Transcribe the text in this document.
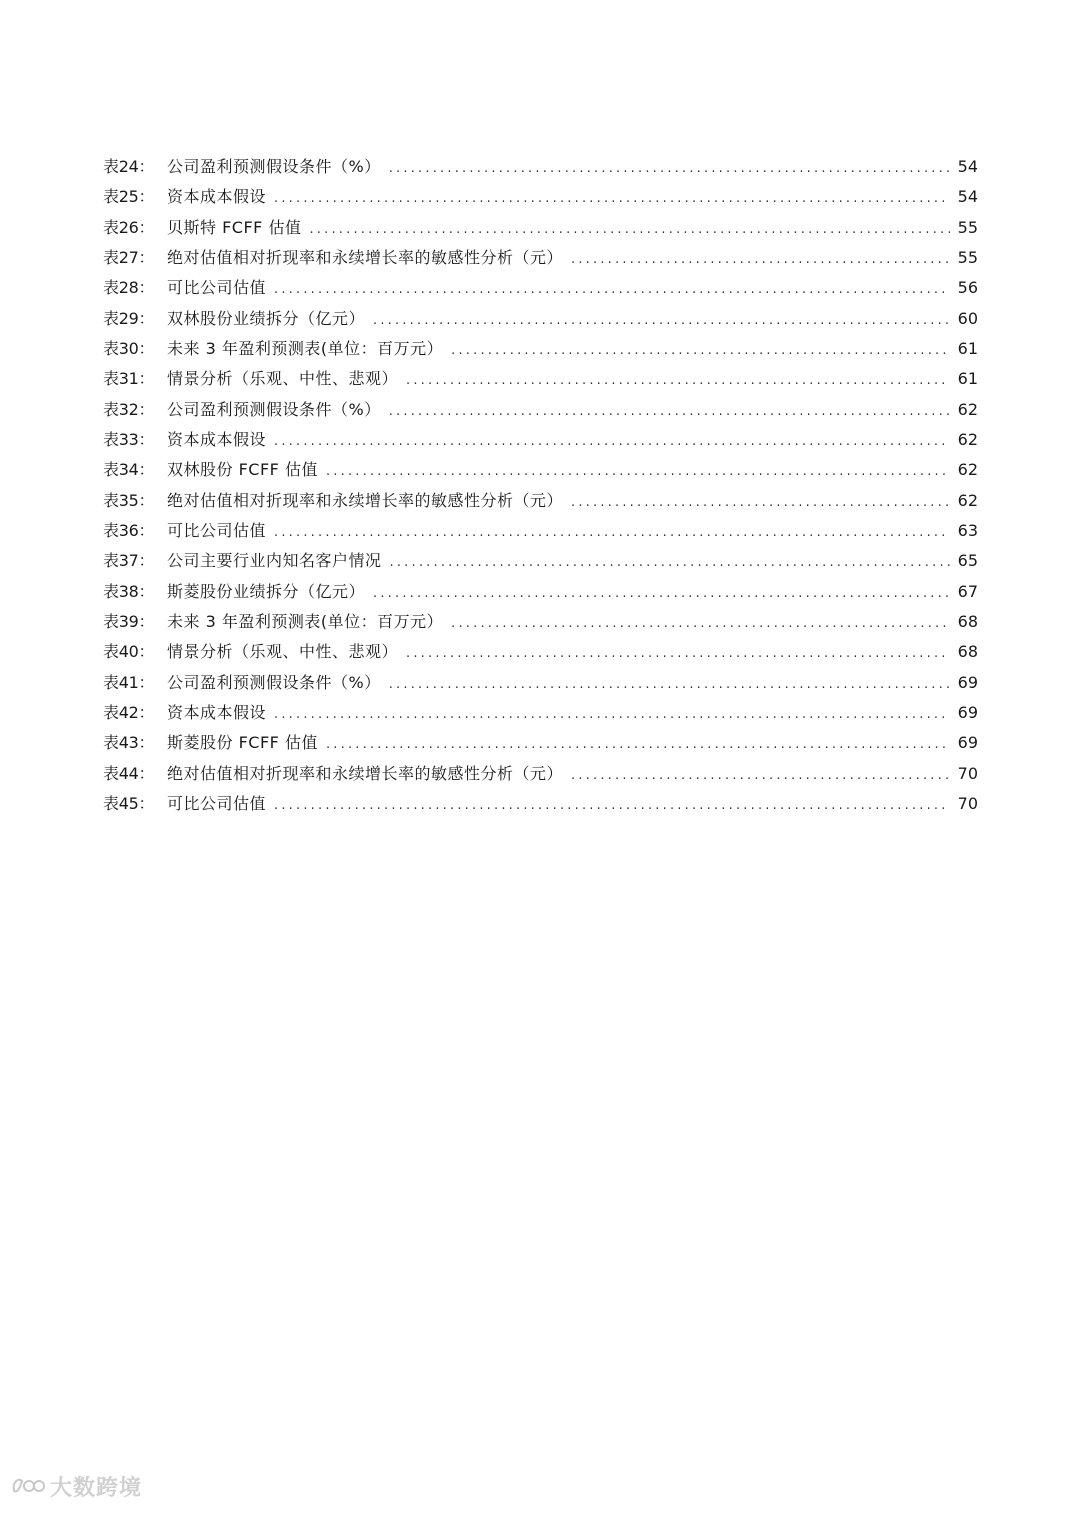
表24： 公司盈利预测假设条件（%） .....	54
表25： 资本成本假设 .....	54
表26： 贝斯特 FCFF 估值 .....	55
表27： 绝对估值相对折现率和永续增长率的敏感性分析（元） .....	55
表28： 可比公司估值 .....	56
表29： 双林股份业绩拆分（亿元） .....	60
表30： 未来 3 年盈利预测表(单位：百万元） .....	61
表31： 情景分析（乐观、中性、悲观） .....	61
表32： 公司盈利预测假设条件（%） .....	62
表33： 资本成本假设 .....	62
表34： 双林股份 FCFF 估值 .....	62
表35： 绝对估值相对折现率和永续增长率的敏感性分析（元） .....	62
表36： 可比公司估值 .....	63
表37： 公司主要行业内知名客户情况 .....	65
表38： 斯菱股份业绩拆分（亿元） .....	67
表39： 未来 3 年盈利预测表(单位：百万元） .....	68
表40： 情景分析（乐观、中性、悲观） .....	68
表41： 公司盈利预测假设条件（%） .....	69
表42： 资本成本假设 .....	69
表43： 斯菱股份 FCFF 估值 .....	69
表44： 绝对估值相对折现率和永续增长率的敏感性分析（元） .....	70
表45： 可比公司估值 .....	70
大数跨境
